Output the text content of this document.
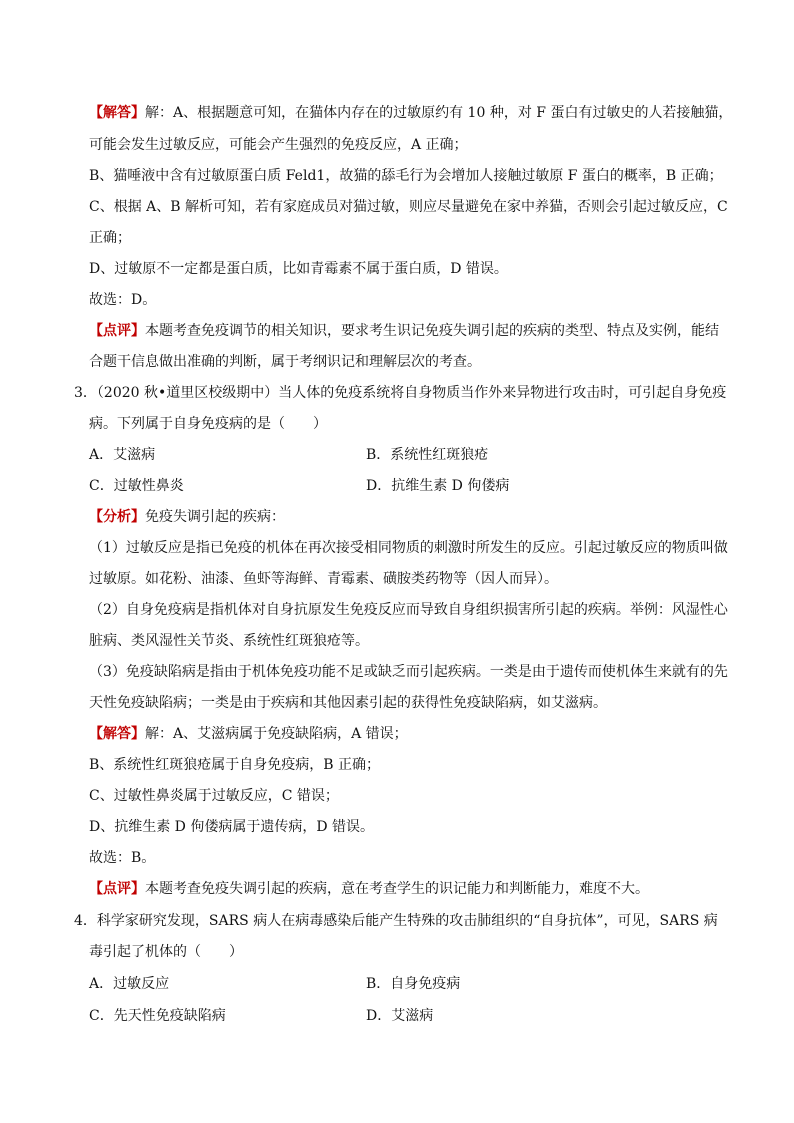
【解答】解：A、根据题意可知，在猫体内存在的过敏原约有 10 种，对 F 蛋白有过敏史的人若接触猫，
可能会发生过敏反应，可能会产生强烈的免疫反应，A 正确；
B、猫唾液中含有过敏原蛋白质 Feld1，故猫的舔毛行为会增加人接触过敏原 F 蛋白的概率，B 正确；
C、根据 A、B 解析可知，若有家庭成员对猫过敏，则应尽量避免在家中养猫，否则会引起过敏反应，C
正确；
D、过敏原不一定都是蛋白质，比如青霉素不属于蛋白质，D 错误。
故选：D。
【点评】本题考查免疫调节的相关知识，要求考生识记免疫失调引起的疾病的类型、特点及实例，能结
合题干信息做出准确的判断，属于考纲识记和理解层次的考查。
3．（2020 秋•道里区校级期中）当人体的免疫系统将自身物质当作外来异物进行攻击时，可引起自身免疫
病。下列属于自身免疫病的是（　　）
A．艾滋病	B．系统性红斑狼疮
C．过敏性鼻炎	D．抗维生素 D 佝偻病
【分析】免疫失调引起的疾病：
（1）过敏反应是指已免疫的机体在再次接受相同物质的刺激时所发生的反应。引起过敏反应的物质叫做
过敏原。如花粉、油漆、鱼虾等海鲜、青霉素、磺胺类药物等（因人而异）。
（2）自身免疫病是指机体对自身抗原发生免疫反应而导致自身组织损害所引起的疾病。举例：风湿性心
脏病、类风湿性关节炎、系统性红斑狼疮等。
（3）免疫缺陷病是指由于机体免疫功能不足或缺乏而引起疾病。一类是由于遗传而使机体生来就有的先
天性免疫缺陷病；一类是由于疾病和其他因素引起的获得性免疫缺陷病，如艾滋病。
【解答】解：A、艾滋病属于免疫缺陷病，A 错误；
B、系统性红斑狼疮属于自身免疫病，B 正确；
C、过敏性鼻炎属于过敏反应，C 错误；
D、抗维生素 D 佝偻病属于遗传病，D 错误。
故选：B。
【点评】本题考查免疫失调引起的疾病，意在考查学生的识记能力和判断能力，难度不大。
4．科学家研究发现，SARS 病人在病毒感染后能产生特殊的攻击肺组织的“自身抗体”，可见，SARS 病
毒引起了机体的（　　）
A．过敏反应	B．自身免疫病
C．先天性免疫缺陷病	D．艾滋病
